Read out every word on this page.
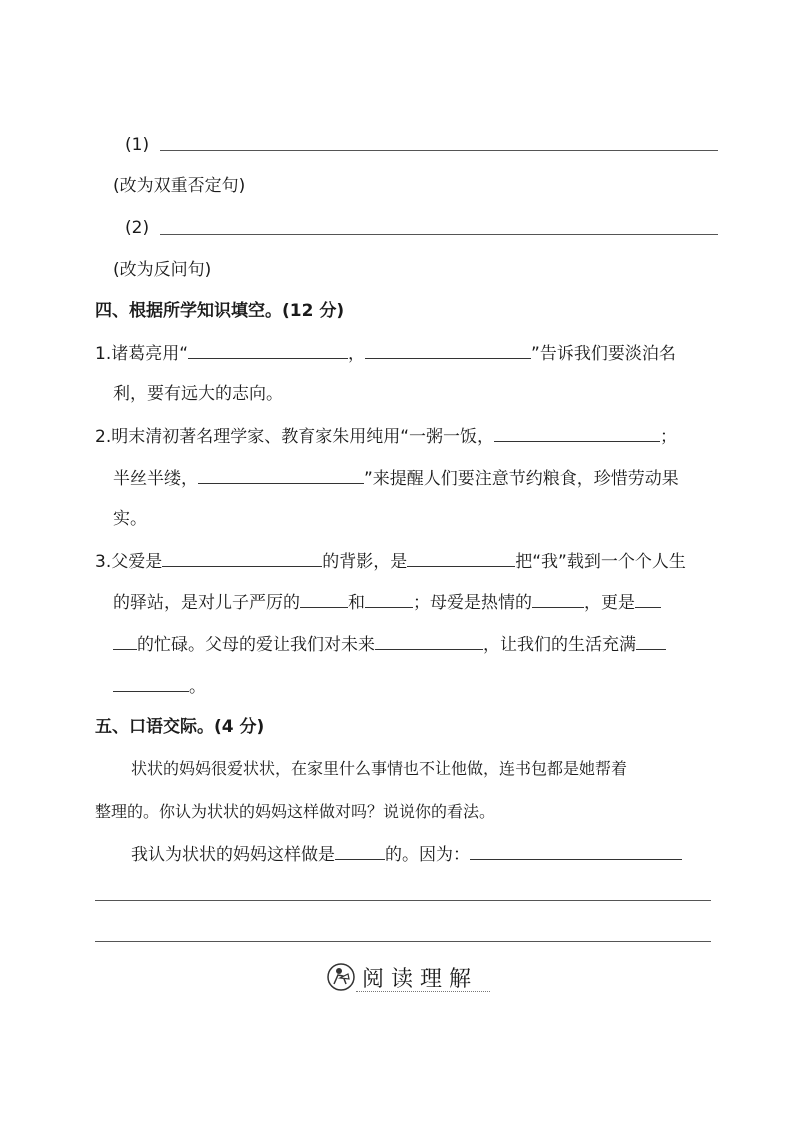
(1)
(改为双重否定句)
(2)
(改为反问句)
四、根据所学知识填空。(12 分)
1.诸葛亮用“	，	”告诉我们要淡泊名
利，要有远大的志向。
2.明末清初著名理学家、教育家朱用纯用“一粥一饭，	；
半丝半缕，	”来提醒人们要注意节约粮食，珍惜劳动果
实。
3.父爱是	的背影，是	把“我”载到一个个人生
的驿站，是对儿子严厉的	和	；母爱是热情的	，更是
的忙碌。父母的爱让我们对未来	，让我们的生活充满
。
五、口语交际。(4 分)
状状的妈妈很爱状状，在家里什么事情也不让他做，连书包都是她帮着
整理的。你认为状状的妈妈这样做对吗？说说你的看法。
我认为状状的妈妈这样做是	的。因为：
阅读理解
